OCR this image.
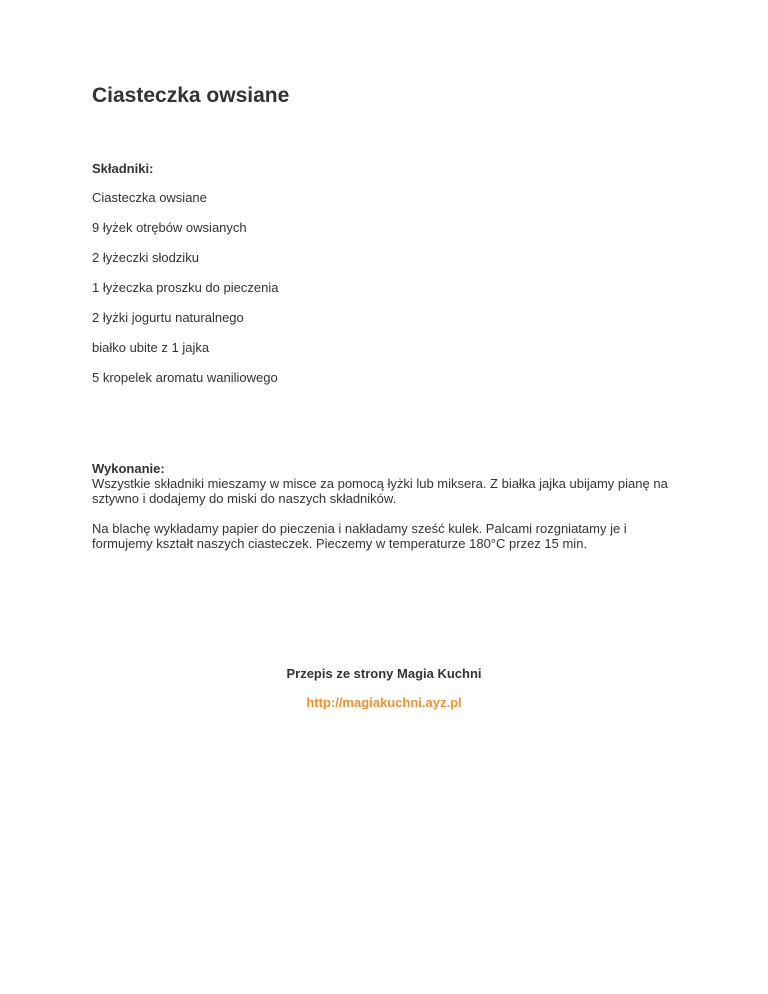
Ciasteczka owsiane
Składniki:
Ciasteczka owsiane
9 łyżek otrębów owsianych
2 łyżeczki słodziku
1 łyżeczka proszku do pieczenia
2 łyżki jogurtu naturalnego
białko ubite z 1 jajka
5 kropelek aromatu waniliowego
Wykonanie:

Wszystkie składniki mieszamy w misce za pomocą łyżki lub miksera. Z białka jajka ubijamy pianę na sztywno i dodajemy do miski do naszych składników.

Na blachę wykładamy papier do pieczenia i nakładamy sześć kulek. Palcami rozgniatamy je i formujemy kształt naszych ciasteczek. Pieczemy w temperaturze 180°C przez 15 min.

Przepis ze strony Magia Kuchni
http://magiakuchni.ayz.pl
